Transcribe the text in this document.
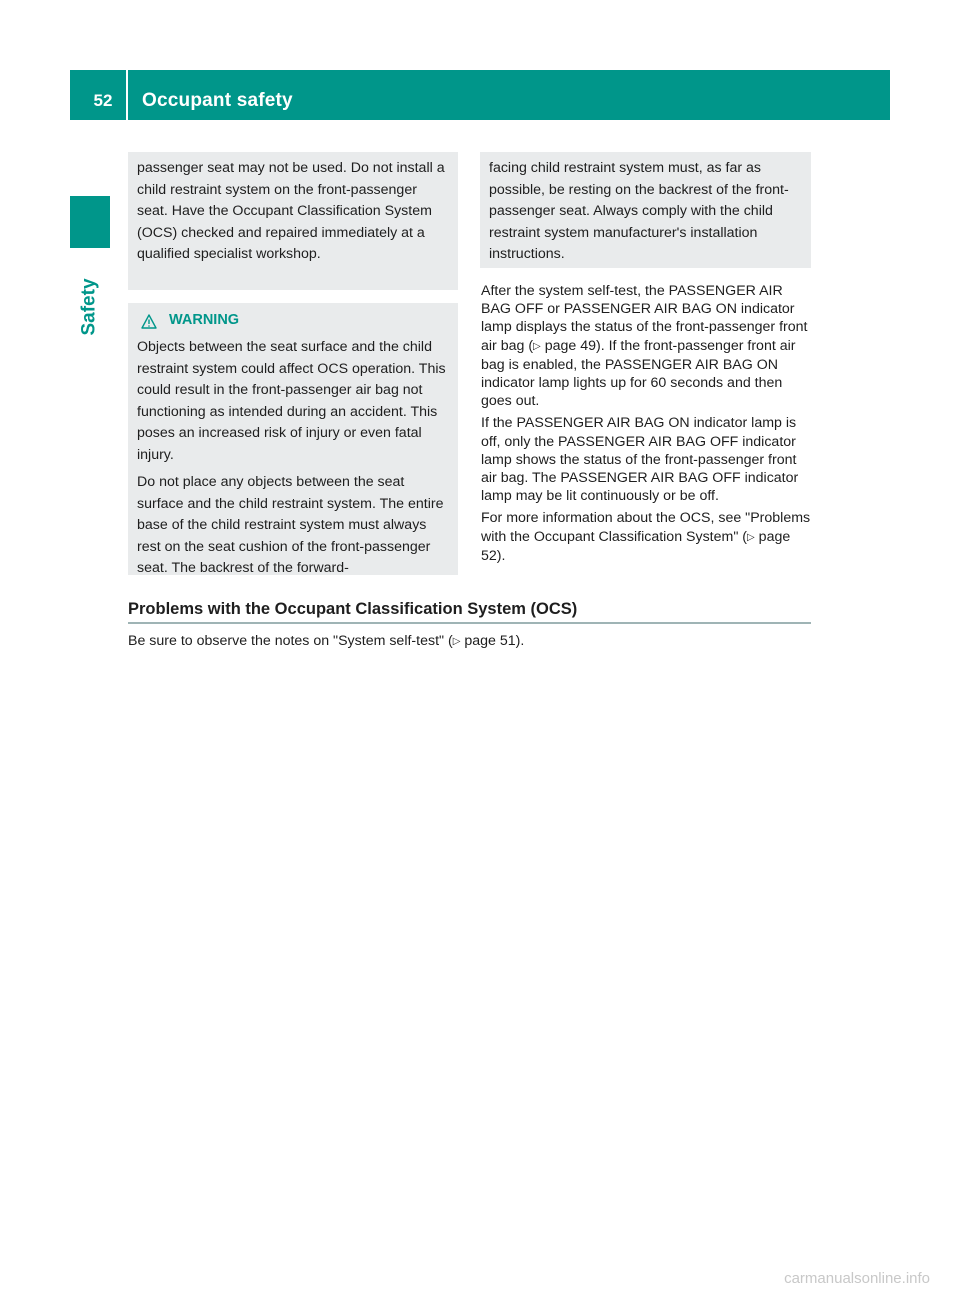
52	Occupant safety
Safety

passenger seat may not be used. Do not install a child restraint system on the front-passenger seat. Have the Occupant Classification System (OCS) checked and repaired immediately at a qualified specialist workshop.

WARNING

Objects between the seat surface and the child restraint system could affect OCS operation. This could result in the front-passenger air bag not functioning as intended during an accident. This poses an increased risk of injury or even fatal injury.

Do not place any objects between the seat surface and the child restraint system. The entire base of the child restraint system must always rest on the seat cushion of the front-passenger seat. The backrest of the forward-

facing child restraint system must, as far as possible, be resting on the backrest of the front-passenger seat. Always comply with the child restraint system manufacturer's installation instructions.

After the system self-test, the PASSENGER AIR BAG OFF or PASSENGER AIR BAG ON indicator lamp displays the status of the front-passenger front air bag (▷ page 49). If the front-passenger front air bag is enabled, the PASSENGER AIR BAG ON indicator lamp lights up for 60 seconds and then goes out.

If the PASSENGER AIR BAG ON indicator lamp is off, only the PASSENGER AIR BAG OFF indicator lamp shows the status of the front-passenger front air bag. The PASSENGER AIR BAG OFF indicator lamp may be lit continuously or be off.

For more information about the OCS, see "Problems with the Occupant Classification System" (▷ page 52).

Problems with the Occupant Classification System (OCS)
Be sure to observe the notes on "System self-test" (▷ page 51).
carmanualsonline.info
